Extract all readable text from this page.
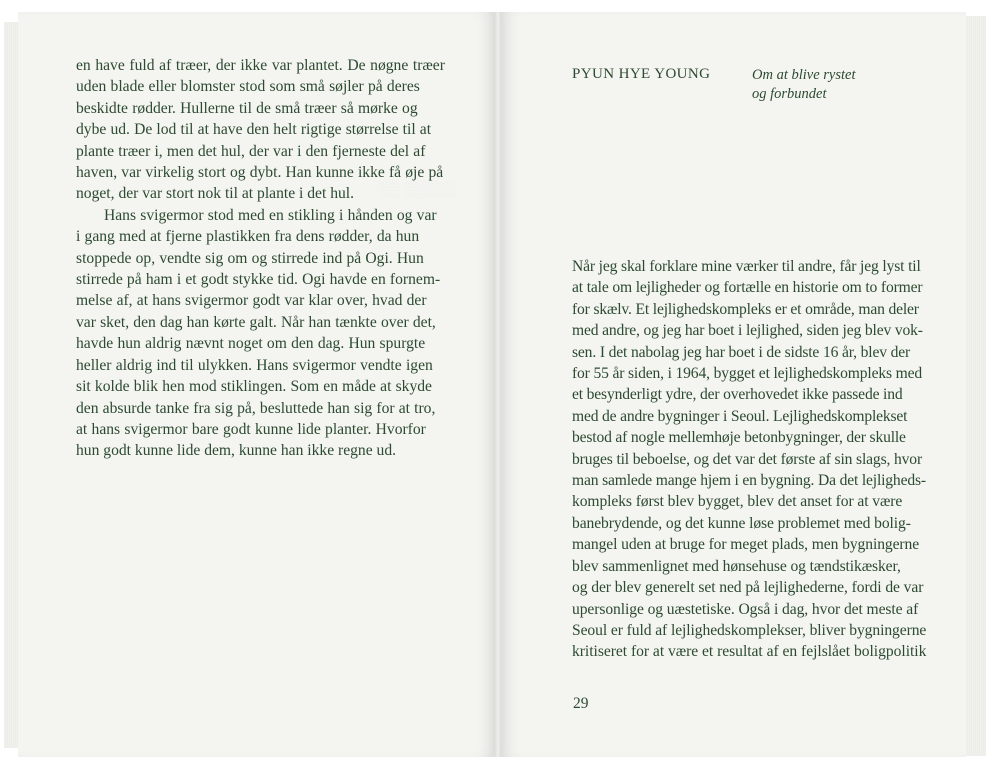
░░ ░░░░░
en have fuld af træer, der ikke var plantet. De nøgne træer
uden blade eller blomster stod som små søjler på deres
beskidte rødder. Hullerne til de små træer så mørke og
dybe ud. De lod til at have den helt rigtige størrelse til at
plante træer i, men det hul, der var i den fjerneste del af
haven, var virkelig stort og dybt. Han kunne ikke få øje på
noget, der var stort nok til at plante i det hul.
Hans svigermor stod med en stikling i hånden og var
i gang med at fjerne plastikken fra dens rødder, da hun
stoppede op, vendte sig om og stirrede ind på Ogi. Hun
stirrede på ham i et godt stykke tid. Ogi havde en fornem-
melse af, at hans svigermor godt var klar over, hvad der
var sket, den dag han kørte galt. Når han tænkte over det,
havde hun aldrig nævnt noget om den dag. Hun spurgte
heller aldrig ind til ulykken. Hans svigermor vendte igen
sit kolde blik hen mod stiklingen. Som en måde at skyde
den absurde tanke fra sig på, besluttede han sig for at tro,
at hans svigermor bare godt kunne lide planter. Hvorfor
hun godt kunne lide dem, kunne han ikke regne ud.
PYUN HYE YOUNG	Om at blive rystet
og forbundet
Når jeg skal forklare mine værker til andre, får jeg lyst til
at tale om lejligheder og fortælle en historie om to former
for skælv. Et lejlighedskompleks er et område, man deler
med andre, og jeg har boet i lejlighed, siden jeg blev vok-
sen. I det nabolag jeg har boet i de sidste 16 år, blev der
for 55 år siden, i 1964, bygget et lejlighedskompleks med
et besynderligt ydre, der overhovedet ikke passede ind
med de andre bygninger i Seoul. Lejlighedskomplekset
bestod af nogle mellemhøje betonbygninger, der skulle
bruges til beboelse, og det var det første af sin slags, hvor
man samlede mange hjem i en bygning. Da det lejligheds-
kompleks først blev bygget, blev det anset for at være
banebrydende, og det kunne løse problemet med bolig-
mangel uden at bruge for meget plads, men bygningerne
blev sammenlignet med hønsehuse og tændstikæsker,
og der blev generelt set ned på lejlighederne, fordi de var
upersonlige og uæstetiske. Også i dag, hvor det meste af
Seoul er fuld af lejlighedskomplekser, bliver bygningerne
kritiseret for at være et resultat af en fejlslået boligpolitik
29
